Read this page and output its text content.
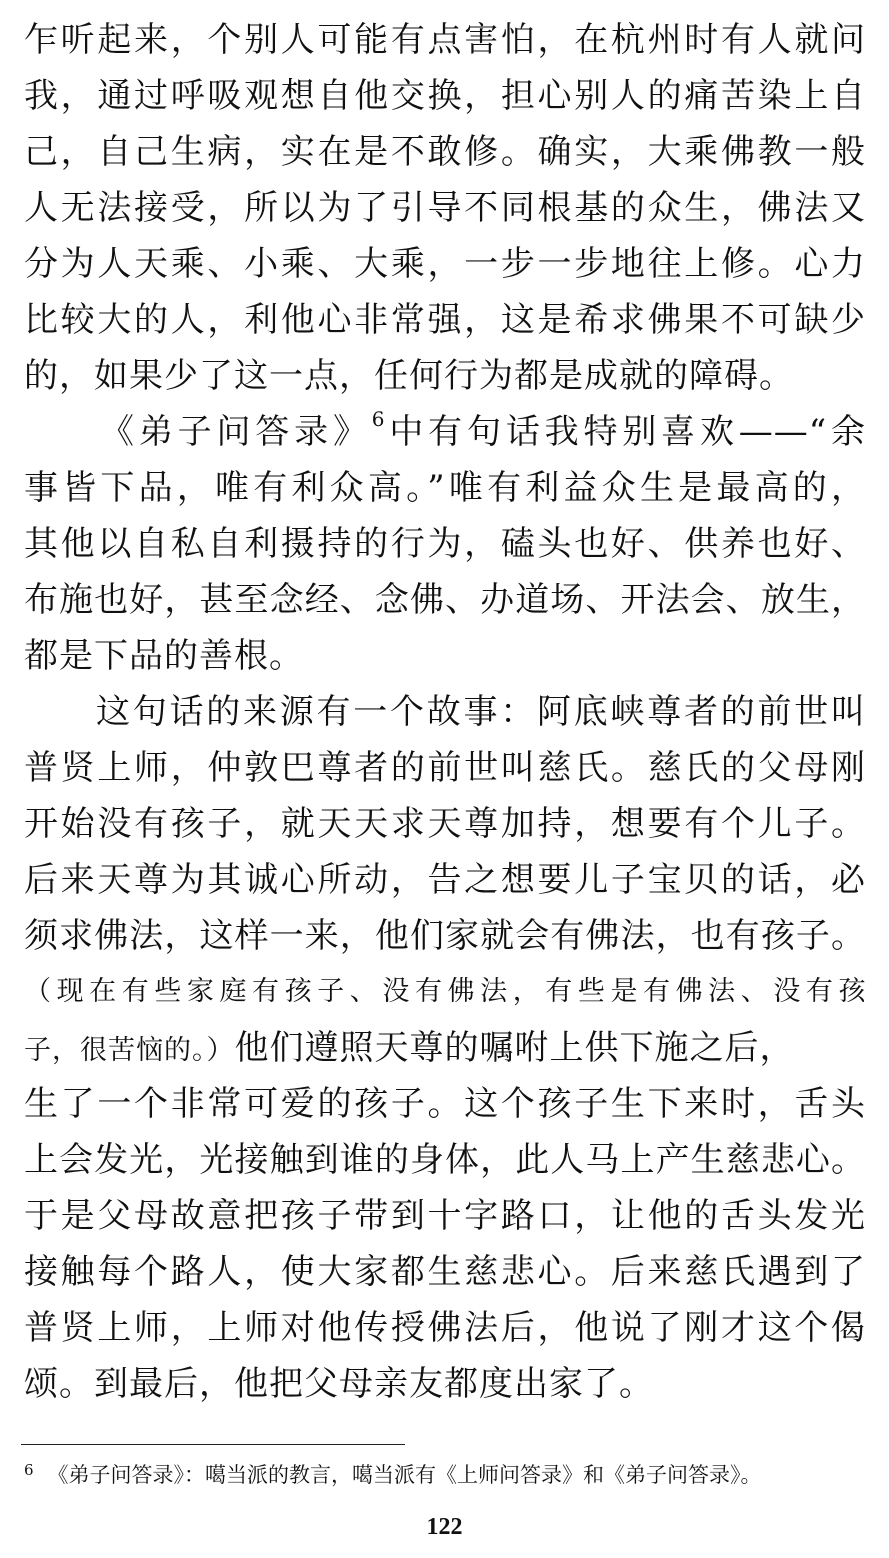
乍听起来，个别人可能有点害怕，在杭州时有人就问
我，通过呼吸观想自他交换，担心别人的痛苦染上自
己，自己生病，实在是不敢修。确实，大乘佛教一般
人无法接受，所以为了引导不同根基的众生，佛法又
分为人天乘、小乘、大乘，一步一步地往上修。心力
比较大的人，利他心非常强，这是希求佛果不可缺少
的，如果少了这一点，任何行为都是成就的障碍。
《弟子问答录》$^6$中有句话我特别喜欢——“余
事皆下品，唯有利众高。”唯有利益众生是最高的，
其他以自私自利摄持的行为，磕头也好、供养也好、
布施也好，甚至念经、念佛、办道场、开法会、放生，
都是下品的善根。
这句话的来源有一个故事：阿底峡尊者的前世叫
普贤上师，仲敦巴尊者的前世叫慈氏。慈氏的父母刚
开始没有孩子，就天天求天尊加持，想要有个儿子。
后来天尊为其诚心所动，告之想要儿子宝贝的话，必
须求佛法，这样一来，他们家就会有佛法，也有孩子。
（现在有些家庭有孩子、没有佛法，有些是有佛法、没有孩
子，很苦恼的。）他们遵照天尊的嘱咐上供下施之后，
生了一个非常可爱的孩子。这个孩子生下来时，舌头
上会发光，光接触到谁的身体，此人马上产生慈悲心。
于是父母故意把孩子带到十字路口，让他的舌头发光
接触每个路人，使大家都生慈悲心。后来慈氏遇到了
普贤上师，上师对他传授佛法后，他说了刚才这个偈
颂。到最后，他把父母亲友都度出家了。
$^6$ 《弟子问答录》：噶当派的教言，噶当派有《上师问答录》和《弟子问答录》。
122
